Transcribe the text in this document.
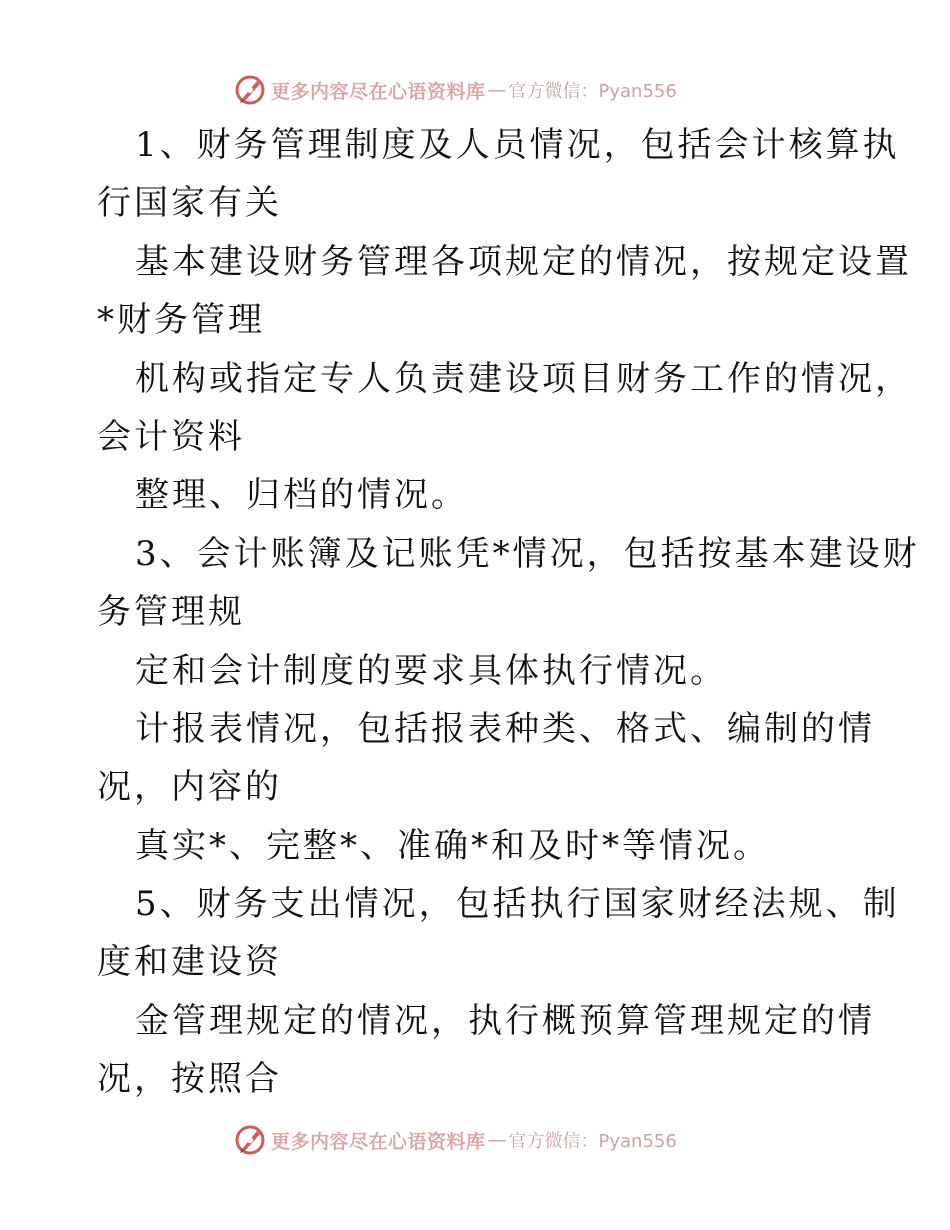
更多内容尽在心语资料库 — 官方微信：Pyan556
1、财务管理制度及人员情况，包括会计核算执
行国家有关
基本建设财务管理各项规定的情况，按规定设置
*财务管理
机构或指定专人负责建设项目财务工作的情况，
会计资料
整理、归档的情况。
3、会计账簿及记账凭*情况，包括按基本建设财
务管理规
定和会计制度的要求具体执行情况。
计报表情况，包括报表种类、格式、编制的情
况，内容的
真实*、完整*、准确*和及时*等情况。
5、财务支出情况，包括执行国家财经法规、制
度和建设资
金管理规定的情况，执行概预算管理规定的情
况，按照合
更多内容尽在心语资料库 — 官方微信：Pyan556
